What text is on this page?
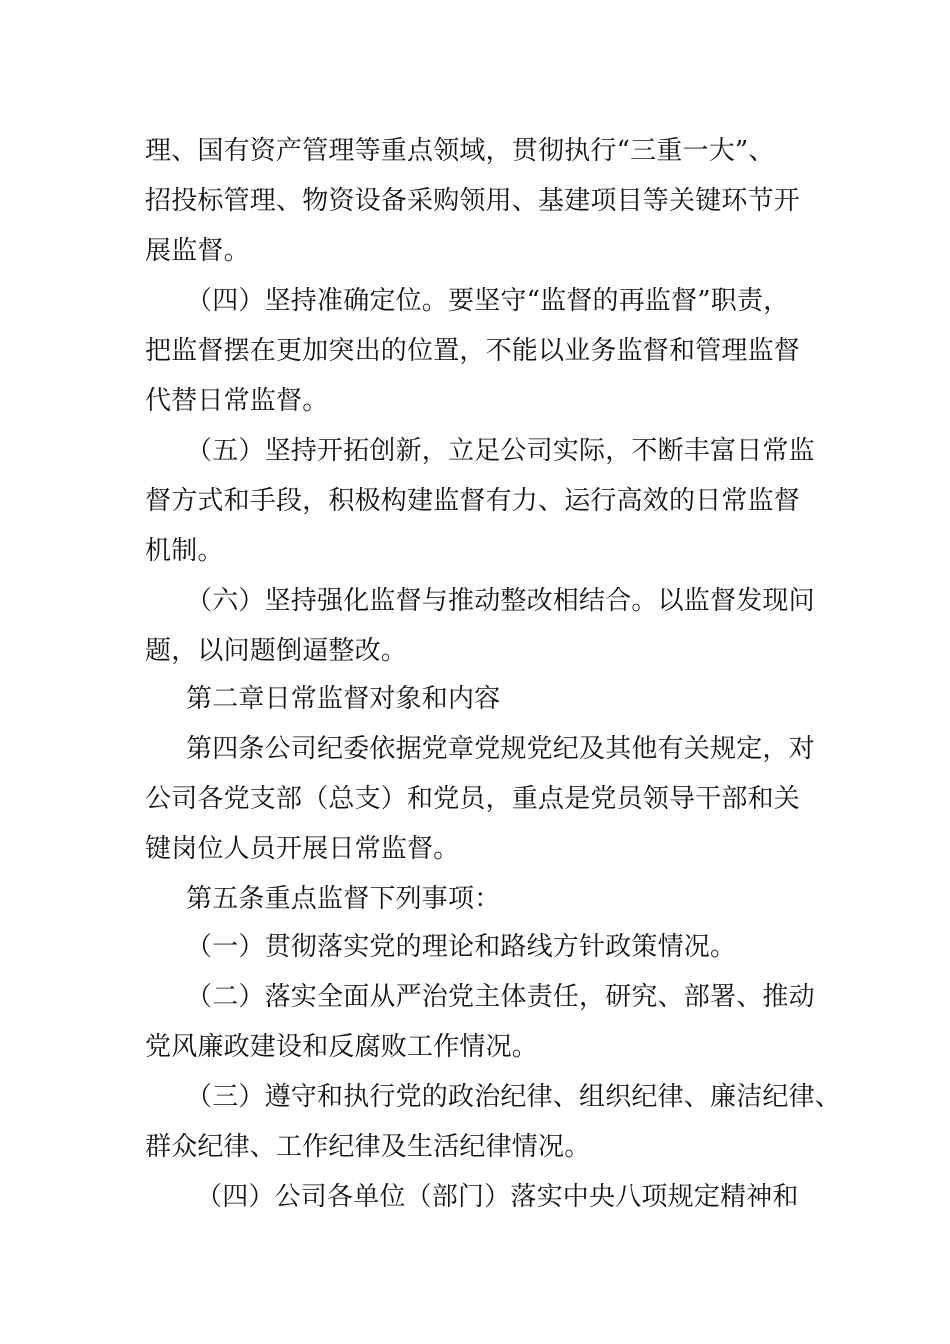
理、国有资产管理等重点领域，贯彻执行“三重一大”、
招投标管理、物资设备采购领用、基建项目等关键环节开
展监督。
（四）坚持准确定位。要坚守“监督的再监督”职责，
把监督摆在更加突出的位置，不能以业务监督和管理监督
代替日常监督。
（五）坚持开拓创新，立足公司实际，不断丰富日常监
督方式和手段，积极构建监督有力、运行高效的日常监督
机制。
（六）坚持强化监督与推动整改相结合。以监督发现问
题，以问题倒逼整改。
第二章日常监督对象和内容
第四条公司纪委依据党章党规党纪及其他有关规定，对
公司各党支部（总支）和党员，重点是党员领导干部和关
键岗位人员开展日常监督。
第五条重点监督下列事项：
（一）贯彻落实党的理论和路线方针政策情况。
（二）落实全面从严治党主体责任，研究、部署、推动
党风廉政建设和反腐败工作情况。
（三）遵守和执行党的政治纪律、组织纪律、廉洁纪律、
群众纪律、工作纪律及生活纪律情况。
（四）公司各单位（部门）落实中央八项规定精神和
